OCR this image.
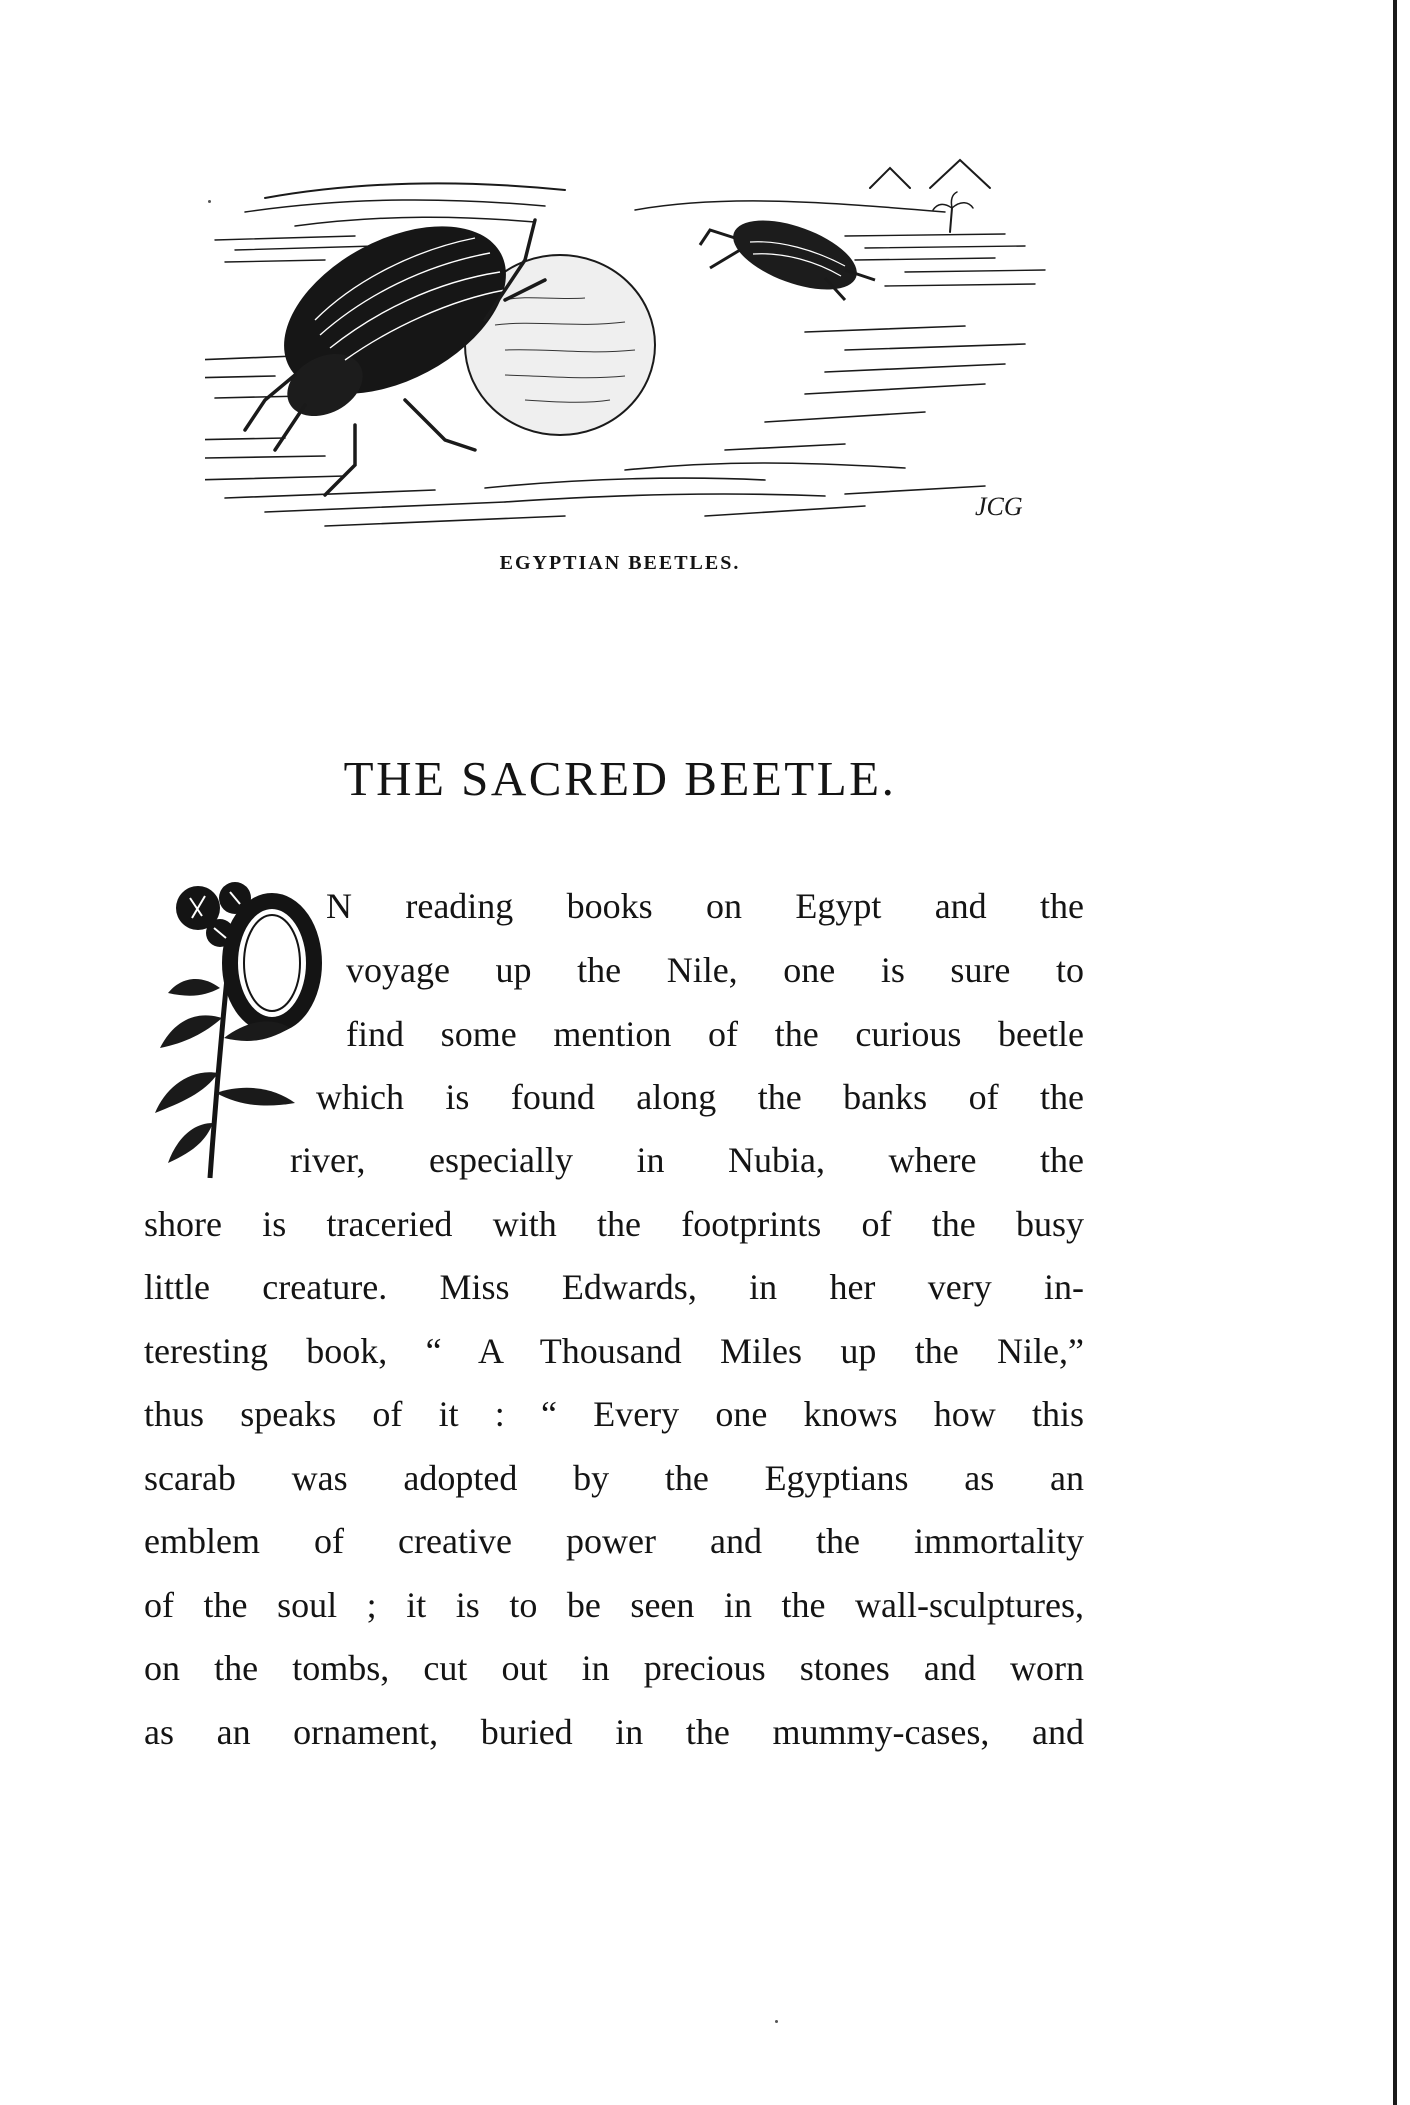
JCG
EGYPTIAN BEETLES.
THE SACRED BEETLE.
N reading books on Egypt and the
voyage up the Nile, one is sure to
find some mention of the curious beetle
which is found along the banks of the
river, especially in Nubia, where the
shore is traceried with the footprints of the busy
little creature. Miss Edwards, in her very in-
teresting book, “ A Thousand Miles up the Nile,”
thus speaks of it : “ Every one knows how this
scarab was adopted by the Egyptians as an
emblem of creative power and the immortality
of the soul ; it is to be seen in the wall-sculptures,
on the tombs, cut out in precious stones and worn
as an ornament, buried in the mummy-cases, and
